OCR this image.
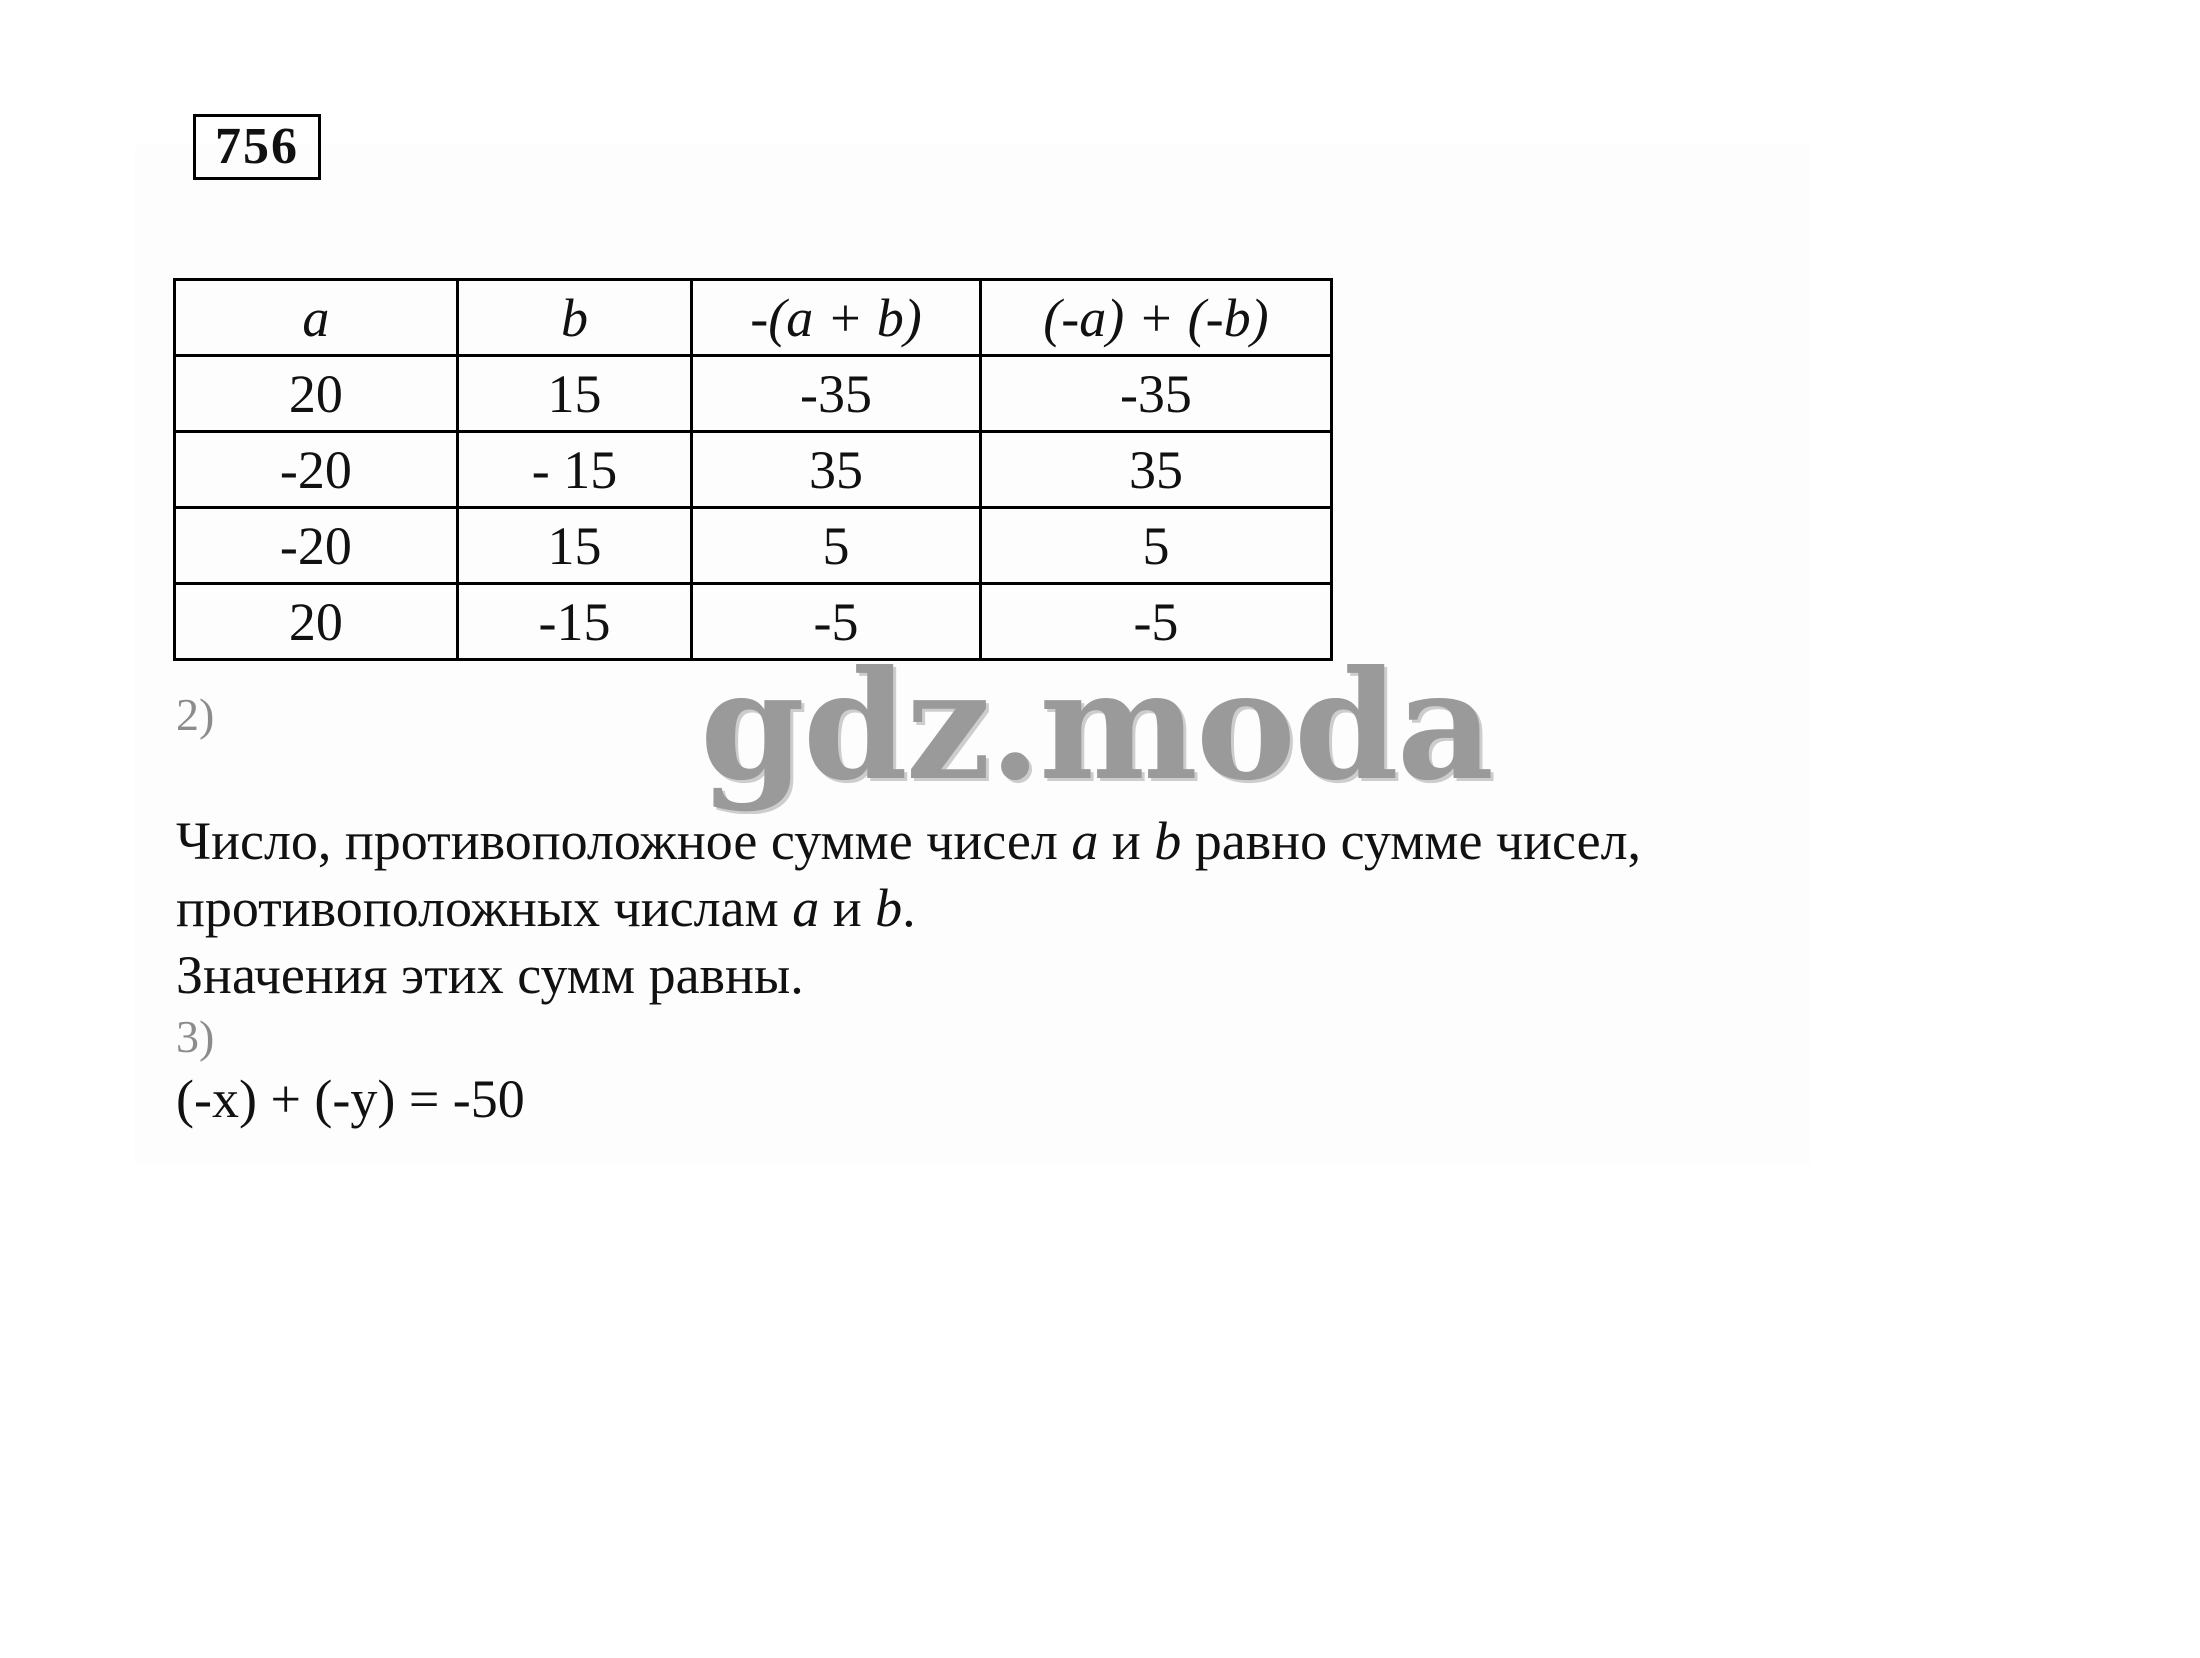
756
a	b	-(a + b)	(-a) + (-b)
20	15	-35	-35
-20	- 15	35	35
-20	15	5	5
20	-15	-5	-5
2)
Число, противоположное сумме чисел a и b равно сумме чисел,
противоположных числам a и b.
Значения этих сумм равны.
3)
(-x) + (-y) = -50
gdz.moda
